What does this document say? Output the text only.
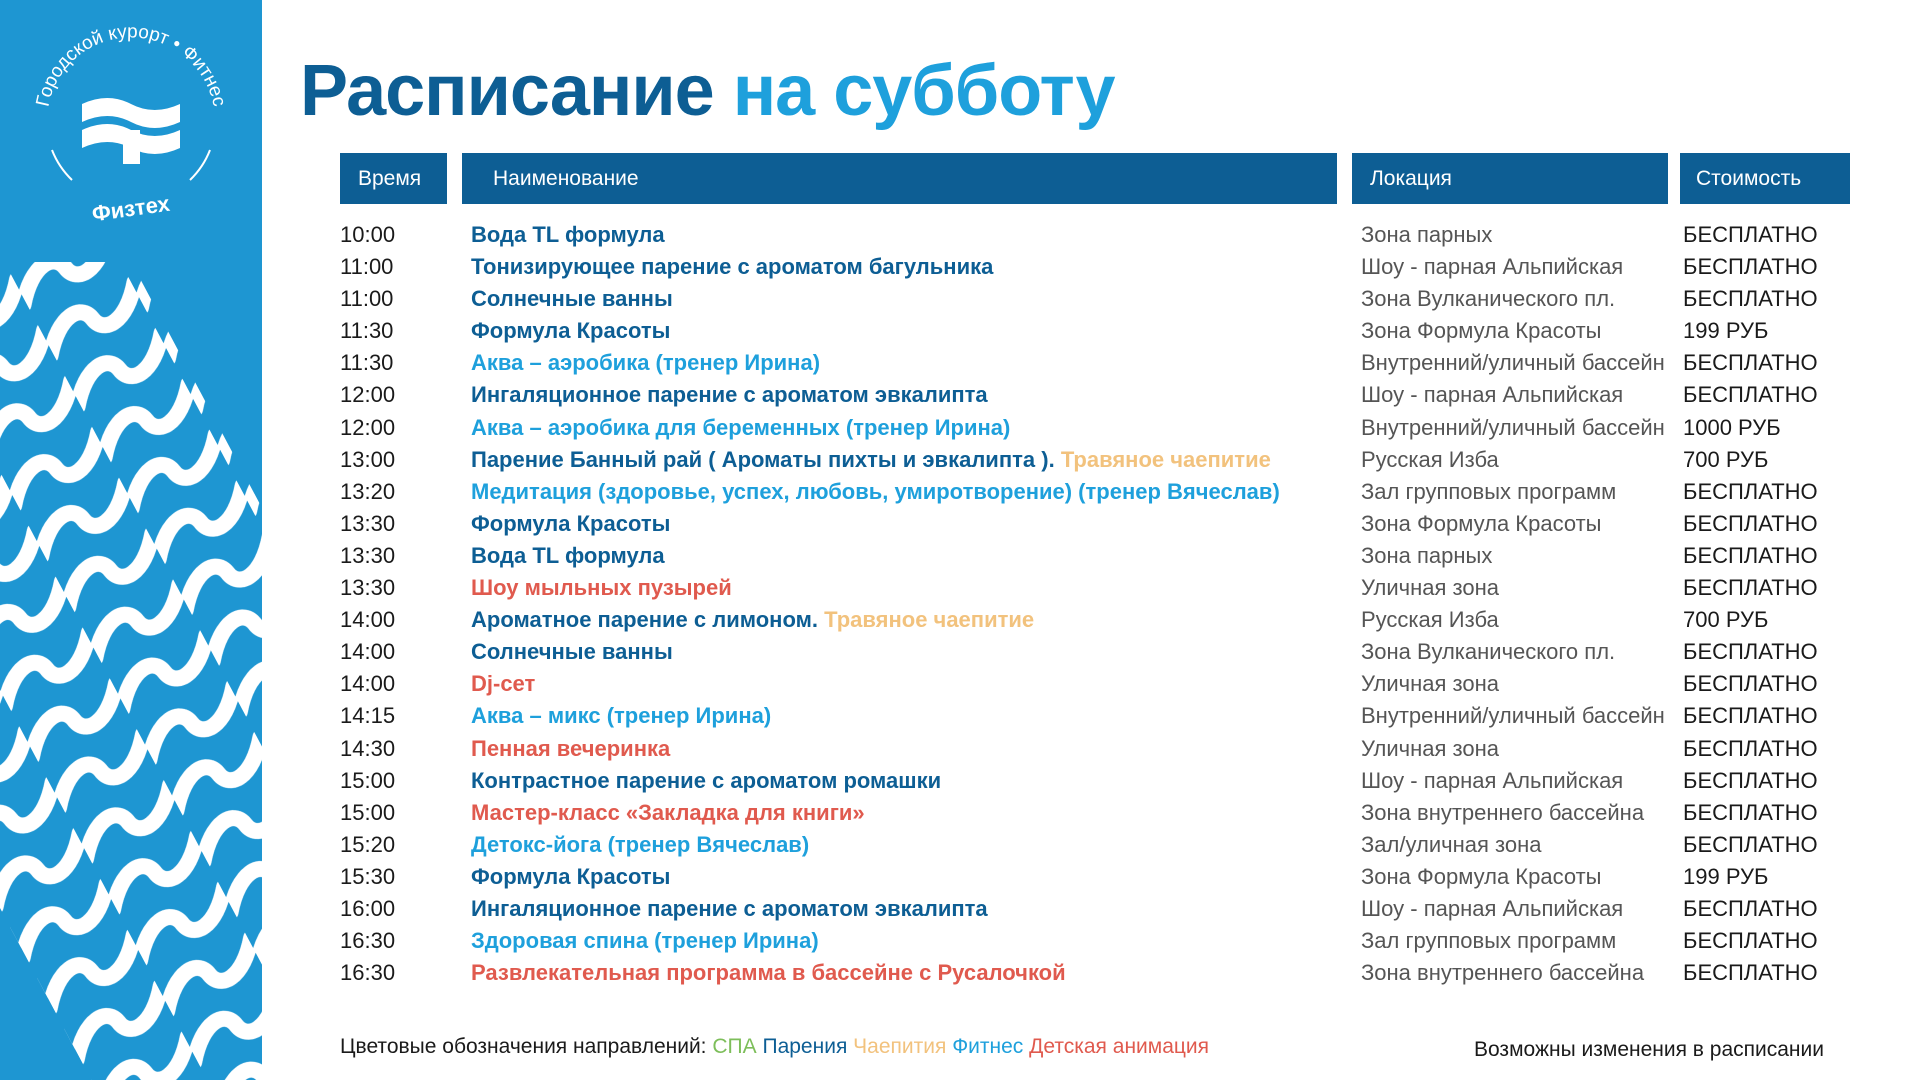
Городской курорт • Фитнес
Физтех
Расписание на субботу
Время	Наименование	Локация	Стоимость
10:00	Вода TL формула	Зона парных	БЕСПЛАТНО
11:00	Тонизирующее парение с ароматом багульника	Шоу - парная Альпийская	БЕСПЛАТНО
11:00	Солнечные ванны	Зона Вулканического пл.	БЕСПЛАТНО
11:30	Формула Красоты	Зона Формула Красоты	199 РУБ
11:30	Аква – аэробика (тренер Ирина)	Внутренний/уличный бассейн БЕСПЛАТНО
12:00	Ингаляционное парение с ароматом эвкалипта	Шоу - парная Альпийская	БЕСПЛАТНО
12:00	Аква – аэробика для беременных (тренер Ирина)	Внутренний/уличный бассейн 1000 РУБ
13:00	Парение Банный рай ( Ароматы пихты и эвкалипта ). Травяное чаепитие	Русская Изба	700 РУБ
13:20	Медитация (здоровье, успех, любовь, умиротворение) (тренер Вячеслав)	Зал групповых программ	БЕСПЛАТНО
13:30	Формула Красоты	Зона Формула Красоты	БЕСПЛАТНО
13:30	Вода TL формула	Зона парных	БЕСПЛАТНО
13:30	Шоу мыльных пузырей	Уличная зона	БЕСПЛАТНО
14:00	Ароматное парение с лимоном. Травяное чаепитие	Русская Изба	700 РУБ
14:00	Солнечные ванны	Зона Вулканического пл.	БЕСПЛАТНО
14:00	Dj-сет	Уличная зона	БЕСПЛАТНО
14:15	Аква – микс (тренер Ирина)	Внутренний/уличный бассейн БЕСПЛАТНО
14:30	Пенная вечеринка	Уличная зона	БЕСПЛАТНО
15:00	Контрастное парение с ароматом ромашки	Шоу - парная Альпийская	БЕСПЛАТНО
15:00	Мастер-класс «Закладка для книги»	Зона внутреннего бассейна БЕСПЛАТНО
15:20	Детокс-йога (тренер Вячеслав)	Зал/уличная зона	БЕСПЛАТНО
15:30	Формула Красоты	Зона Формула Красоты	199 РУБ
16:00	Ингаляционное парение с ароматом эвкалипта	Шоу - парная Альпийская	БЕСПЛАТНО
16:30	Здоровая спина (тренер Ирина)	Зал групповых программ	БЕСПЛАТНО
16:30	Развлекательная программа в бассейне с Русалочкой	Зона внутреннего бассейна БЕСПЛАТНО
Цветовые обозначения направлений: СПА Парения Чаепития Фитнес Детская анимация	Возможны изменения в расписании
